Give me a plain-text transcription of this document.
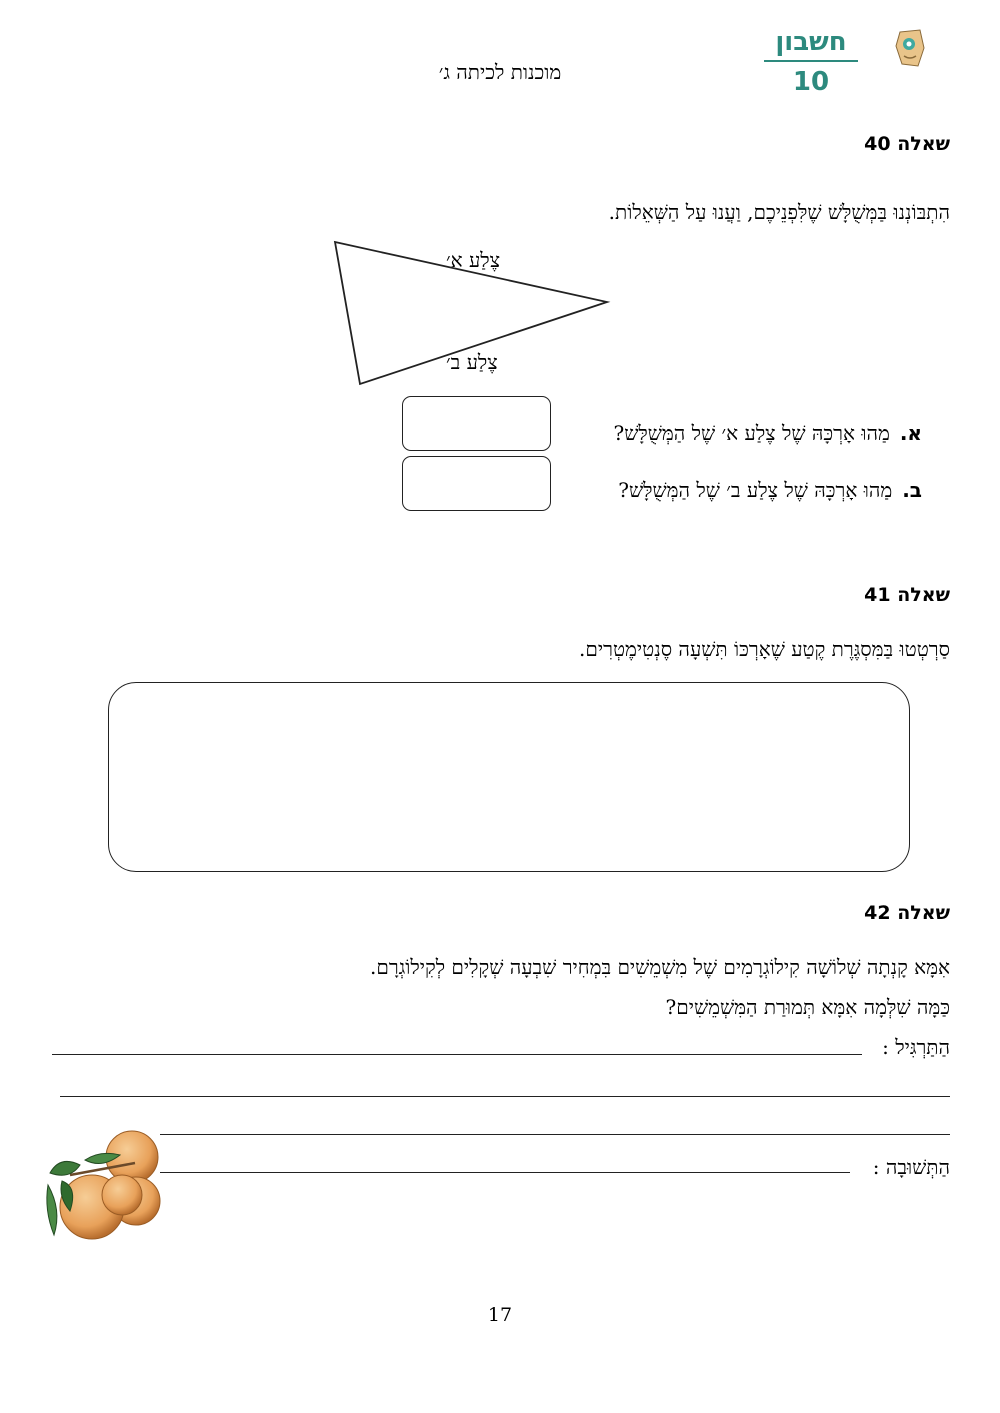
חשבון 10
מוכנות לכיתה ג׳
שאלה 40
הִתְבּוֹנְנוּ בַּמְּשֻׁלָּשׁ שֶׁלִּפְנֵיכֶם, וַעֲנוּ עַל הַשְּׁאֵלוֹת.
צֶלַע א׳
צֶלַע ב׳
א.מַהוּ אָרְכָּהּ שֶׁל צֶלַע א׳ שֶׁל הַמְּשֻׁלָּשׁ?
ב.מַהוּ אָרְכָּהּ שֶׁל צֶלַע ב׳ שֶׁל הַמְּשֻׁלָּשׁ?
שאלה 41
סַרְטְטוּ בַּמִּסְגֶּרֶת קֶטַע שֶׁאָרְכּוֹ תִּשְׁעָה סֶנְטִימֶטְרִים.
שאלה 42
אִמָּא קָנְתָה שְׁלוֹשָׁה קִילוֹגְרָמִים שֶׁל מִשְׁמֵשִׁים בִּמְחִיר שִׁבְעָה שְׁקָלִים לְקִילוֹגְרָם.
כַּמָּה שִׁלְּמָה אִמָּא תְּמוּרַת הַמִּשְׁמֵשִׁים?
הַתַּרְגִּיל :
הַתְּשׁוּבָה :
17
